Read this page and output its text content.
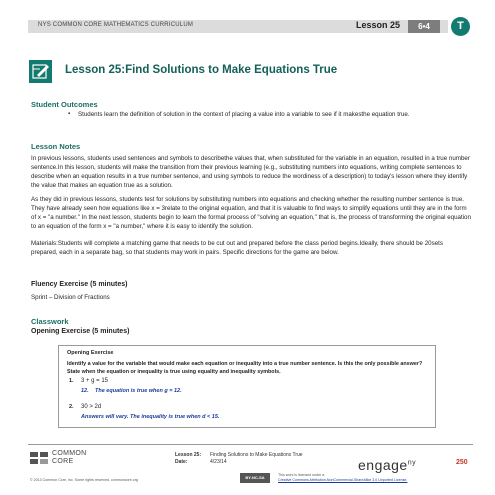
NYS COMMON CORE MATHEMATICS CURRICULUM	Lesson 25	6•4	T
Lesson 25:Find Solutions to Make Equations True
Student Outcomes
▪ Students learn the definition of solution in the context of placing a value into a variable to see if it makesthe equation true.

Lesson Notes

In previous lessons, students used sentences and symbols to describethe values that, when substituted for the variable in an equation, resulted in a true number sentence.In this lesson, students will make the transition from their previous learning (e.g., substituting numbers into equations, writing complete sentences to describe when an equation results in a true number sentence, and using symbols to reduce the wordiness of a description) to today's lesson where they identify the value that makes an equation true as a solution.

As they did in previous lessons, students test for solutions by substituting numbers into equations and checking whether the resulting number sentence is true. They have already seen how equations like x = 3relate to the original equation, and that it is valuable to find ways to simplify equations until they are in the form of x = "a number." In the next lesson, students begin to learn the formal process of "solving an equation," that is, the process of transforming the original equation to an equation of the form x = "a number," where it is easy to identify the solution.

Materials:Students will complete a matching game that needs to be cut out and prepared before the class period begins.Ideally, there should be 20sets prepared, each in a separate bag, so that students may work in pairs. Specific directions for the game are below.

Fluency Exercise (5 minutes)

Sprint – Division of Fractions

Classwork
Opening Exercise (5 minutes)
Opening Exercise
Identify a value for the variable that would make each equation or inequality into a true number sentence. Is this the only possible answer? State when the equation or inequality is true using equality and inequality symbols.
1. 3 + g = 15
12. The equation is true when g = 12.
2. 30 > 2d
Answers will vary. The inequality is true when d < 15.
COMMON
CORE
Lesson 25: Finding Solutions to Make Equations True
Date:	4/23/14	engage$^{ny}$	250
© 2013 Common Core, Inc. Some rights reserved. commoncore.org	BY-NC-SA	This work is licensed under a
Creative Commons Attribution-NonCommercial-ShareAlike 3.0 Unported License.
